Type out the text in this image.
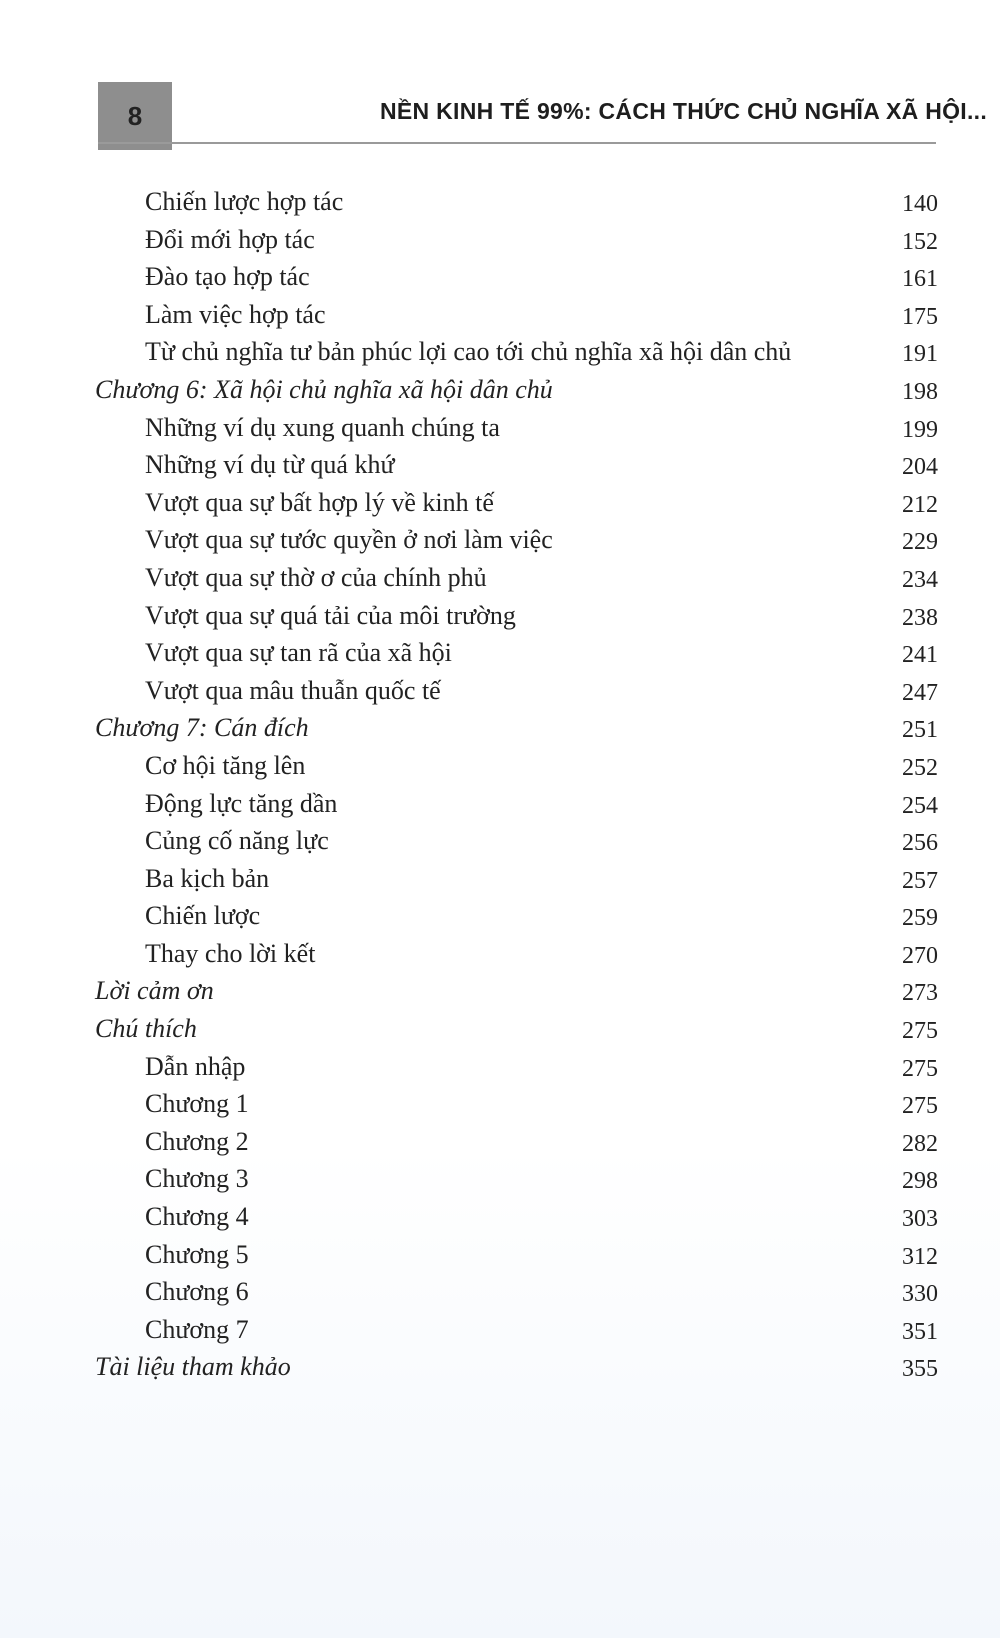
8	NỀN KINH TẾ 99%: CÁCH THỨC CHỦ NGHĨA XÃ HỘI...
Chiến lược hợp tác	140
Đổi mới hợp tác	152
Đào tạo hợp tác	161
Làm việc hợp tác	175
Từ chủ nghĩa tư bản phúc lợi cao tới chủ nghĩa xã hội dân chủ	191
Chương 6: Xã hội chủ nghĩa xã hội dân chủ	198
Những ví dụ xung quanh chúng ta	199
Những ví dụ từ quá khứ	204
Vượt qua sự bất hợp lý về kinh tế	212
Vượt qua sự tước quyền ở nơi làm việc	229
Vượt qua sự thờ ơ của chính phủ	234
Vượt qua sự quá tải của môi trường	238
Vượt qua sự tan rã của xã hội	241
Vượt qua mâu thuẫn quốc tế	247
Chương 7: Cán đích	251
Cơ hội tăng lên	252
Động lực tăng dần	254
Củng cố năng lực	256
Ba kịch bản	257
Chiến lược	259
Thay cho lời kết	270
Lời cảm ơn	273
Chú thích	275
Dẫn nhập	275
Chương 1	275
Chương 2	282
Chương 3	298
Chương 4	303
Chương 5	312
Chương 6	330
Chương 7	351
Tài liệu tham khảo	355
